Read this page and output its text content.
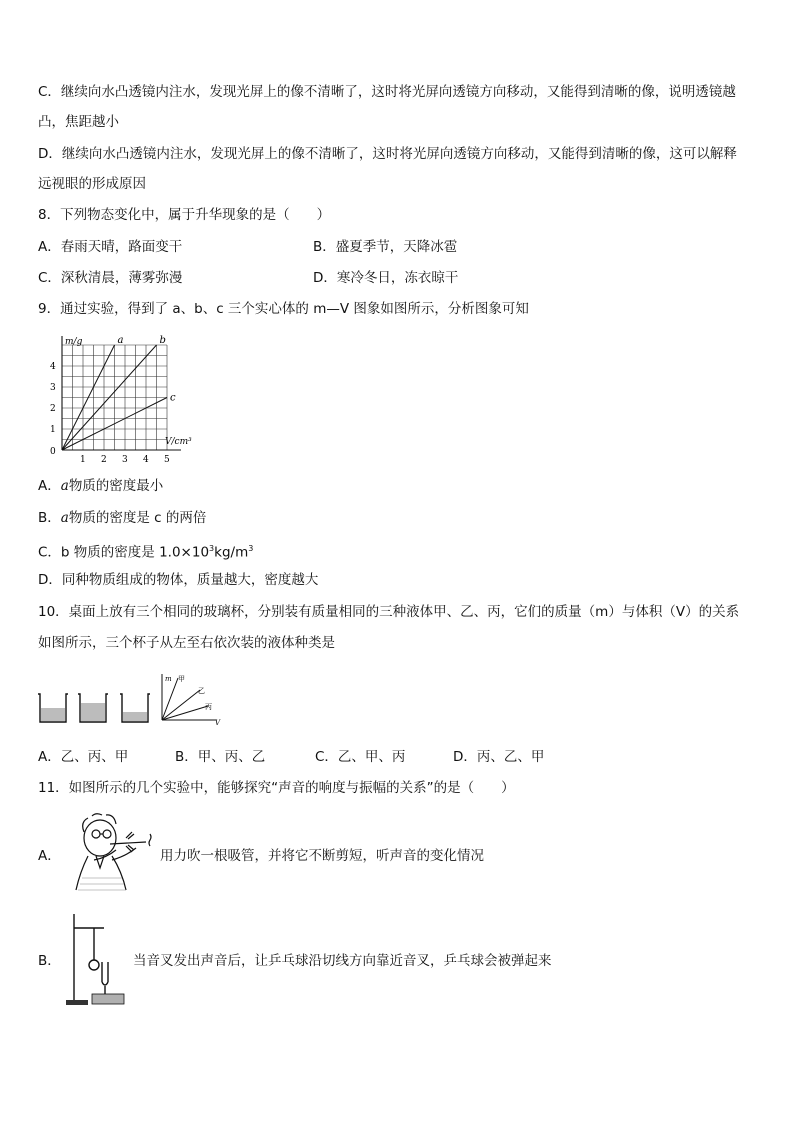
C．继续向水凸透镜内注水，发现光屏上的像不清晰了，这时将光屏向透镜方向移动，又能得到清晰的像，说明透镜越
凸，焦距越小
D．继续向水凸透镜内注水，发现光屏上的像不清晰了，这时将光屏向透镜方向移动，又能得到清晰的像，这可以解释
远视眼的形成原因
8．下列物态变化中，属于升华现象的是（　　）
A．春雨天晴，路面变干	B．盛夏季节，天降冰雹
C．深秋清晨，薄雾弥漫	D．寒冷冬日，冻衣晾干
9．通过实验，得到了 a、b、c 三个实心体的 m—V 图象如图所示，分析图象可知
a	b
c
1 2 3 4 5
1
2
3
4
0
m/g
V/cm³
A．a物质的密度最小
B．a物质的密度是 c 的两倍
C．b 物质的密度是 $1.0\times 10^3kg/m^3$
D．同种物质组成的物体，质量越大，密度越大
10．桌面上放有三个相同的玻璃杯，分别装有质量相同的三种液体甲、乙、丙，它们的质量（m）与体积（V）的关系
如图所示，三个杯子从左至右依次装的液体种类是
m 甲
乙
丙
V
A．乙、丙、甲	B．甲、丙、乙	C．乙、甲、丙	D．丙、乙、甲
11．如图所示的几个实验中，能够探究“声音的响度与振幅的关系”的是（　　）
A．	用力吹一根吸管，并将它不断剪短，听声音的变化情况
B．	当音叉发出声音后，让乒乓球沿切线方向靠近音叉，乒乓球会被弹起来
